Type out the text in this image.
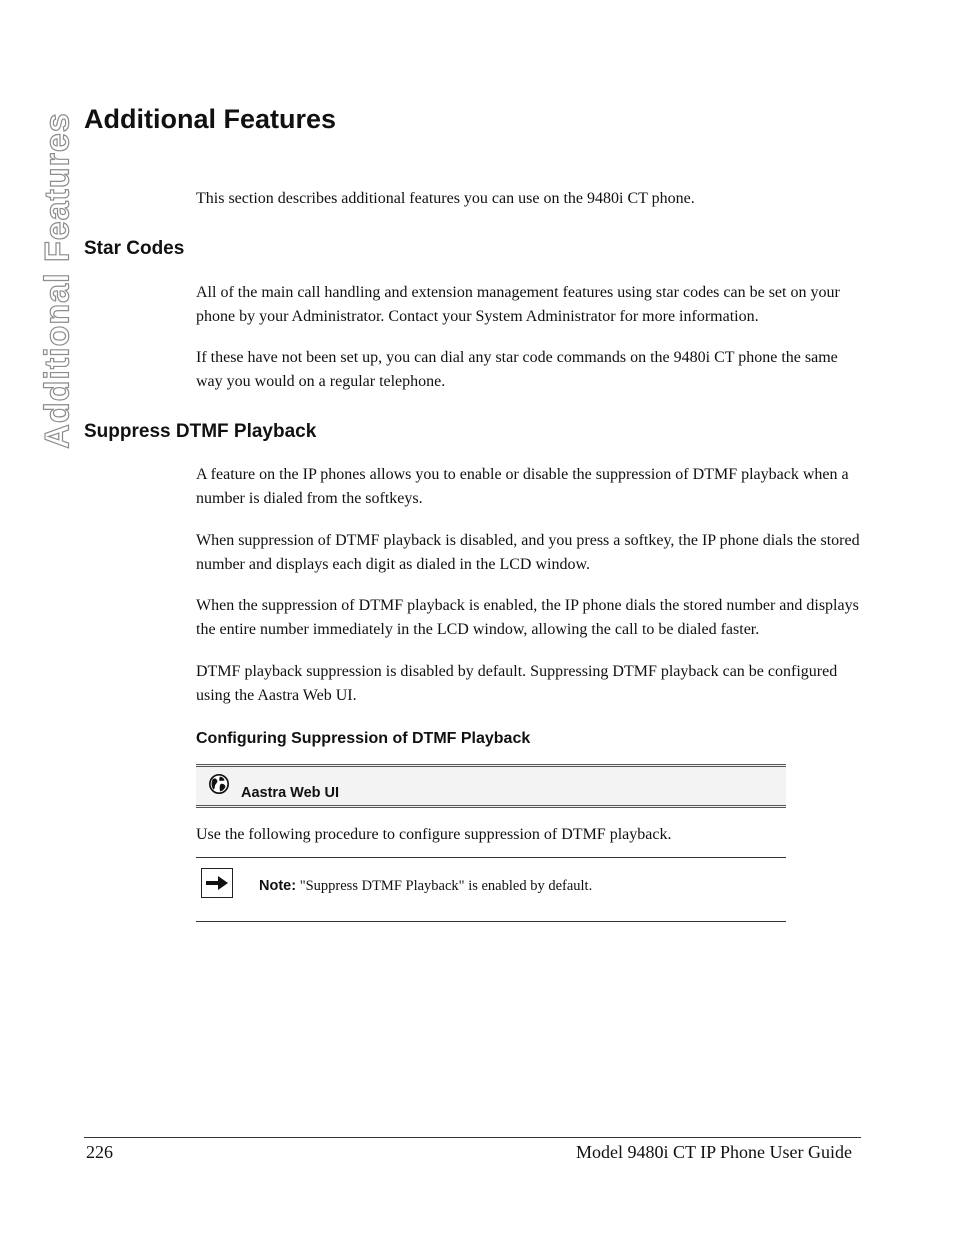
Additional Features Additional Features

This section describes additional features you can use on the 9480i CT phone.

Star Codes

All of the main call handling and extension management features using star codes can be set on your phone by your Administrator. Contact your System Administrator for more information.

If these have not been set up, you can dial any star code commands on the 9480i CT phone the same way you would on a regular telephone.

Suppress DTMF Playback

A feature on the IP phones allows you to enable or disable the suppression of DTMF playback when a number is dialed from the softkeys.

When suppression of DTMF playback is disabled, and you press a softkey, the IP phone dials the stored number and displays each digit as dialed in the LCD window.

When the suppression of DTMF playback is enabled, the IP phone dials the stored number and displays the entire number immediately in the LCD window, allowing the call to be dialed faster.

DTMF playback suppression is disabled by default. Suppressing DTMF playback can be configured using the Aastra Web UI.

Configuring Suppression of DTMF Playback
Aastra Web UI

Use the following procedure to configure suppression of DTMF playback.

Note: "Suppress DTMF Playback" is enabled by default.
226	Model 9480i CT IP Phone User Guide
